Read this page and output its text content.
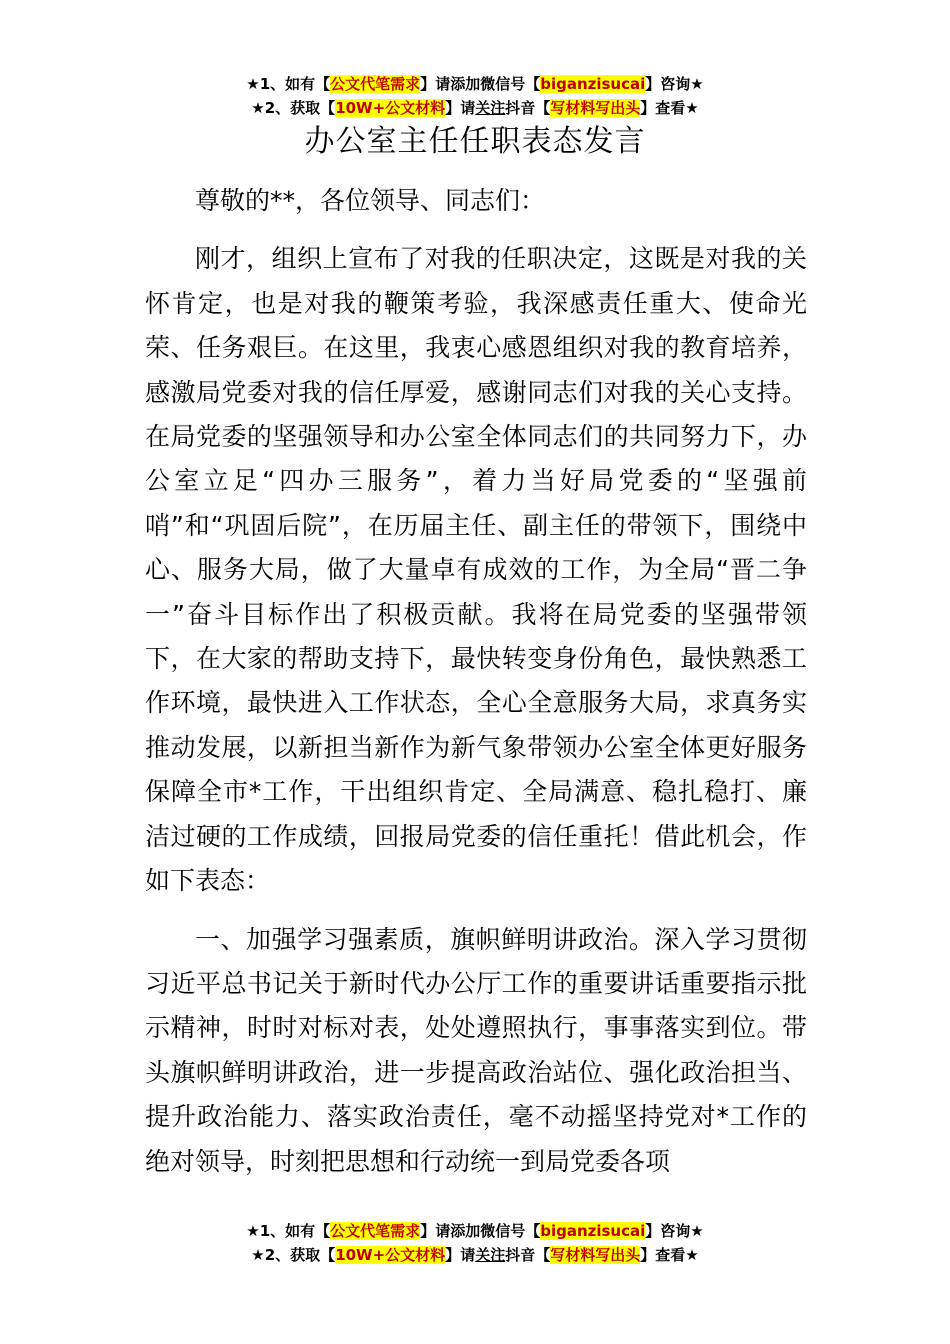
★1、如有【公文代笔需求】请添加微信号【biganzisucai】咨询★
★2、获取【10W+公文材料】请关注抖音【写材料写出头】查看★
办公室主任任职表态发言

尊敬的**，各位领导、同志们：

刚才，组织上宣布了对我的任职决定，这既是对我的关怀肯定，也是对我的鞭策考验，我深感责任重大、使命光荣、任务艰巨。在这里，我衷心感恩组织对我的教育培养，感激局党委对我的信任厚爱，感谢同志们对我的关心支持。在局党委的坚强领导和办公室全体同志们的共同努力下，办公室立足“四办三服务”，着力当好局党委的“坚强前哨”和“巩固后院”，在历届主任、副主任的带领下，围绕中心、服务大局，做了大量卓有成效的工作，为全局“晋二争一”奋斗目标作出了积极贡献。我将在局党委的坚强带领下，在大家的帮助支持下，最快转变身份角色，最快熟悉工作环境，最快进入工作状态，全心全意服务大局，求真务实推动发展，以新担当新作为新气象带领办公室全体更好服务保障全市*工作，干出组织肯定、全局满意、稳扎稳打、廉洁过硬的工作成绩，回报局党委的信任重托！借此机会，作如下表态：

一、加强学习强素质，旗帜鲜明讲政治。深入学习贯彻习近平总书记关于新时代办公厅工作的重要讲话重要指示批示精神，时时对标对表，处处遵照执行，事事落实到位。带头旗帜鲜明讲政治，进一步提高政治站位、强化政治担当、提升政治能力、落实政治责任，毫不动摇坚持党对*工作的绝对领导，时刻把思想和行动统一到局党委各项

★1、如有【公文代笔需求】请添加微信号【biganzisucai】咨询★
★2、获取【10W+公文材料】请关注抖音【写材料写出头】查看★
